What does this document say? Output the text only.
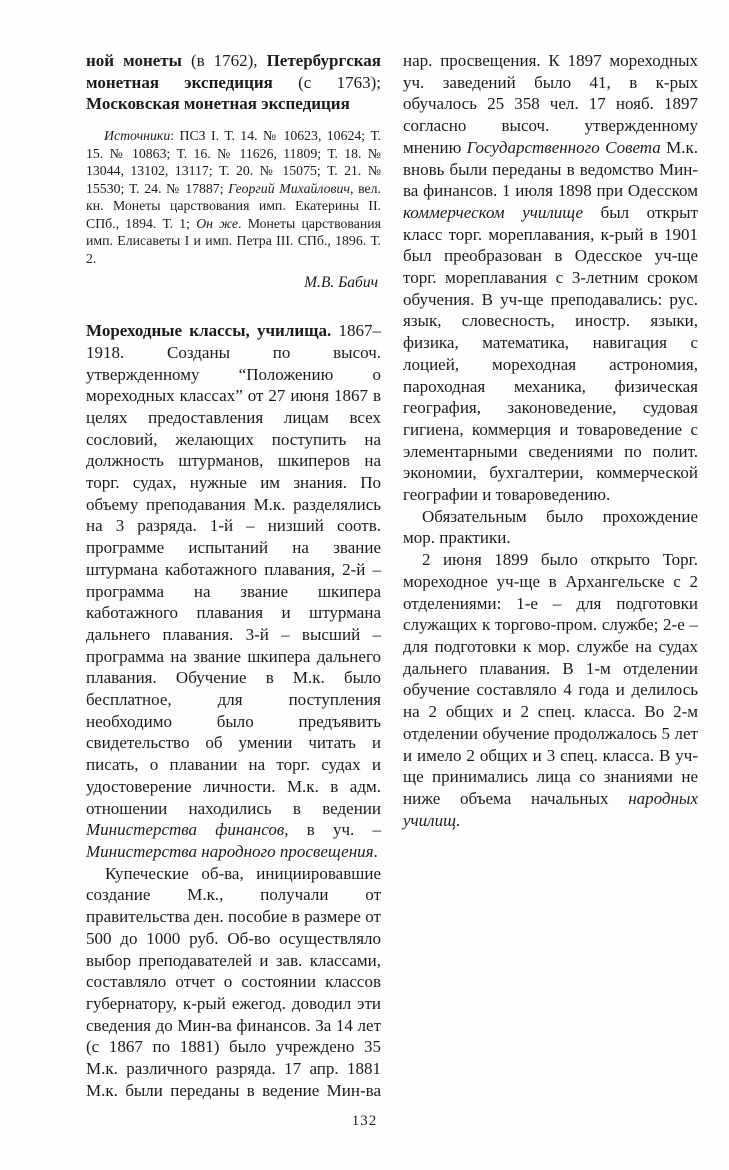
ной монеты (в 1762), Петербургская монетная экспедиция (с 1763); Московская монетная экспедиция

Источники: ПСЗ I. Т. 14. № 10623, 10624; Т. 15. № 10863; Т. 16. № 11626, 11809; Т. 18. № 13044, 13102, 13117; Т. 20. № 15075; Т. 21. № 15530; Т. 24. № 17887; Георгий Михайлович, вел. кн. Монеты царствования имп. Екатерины II. СПб., 1894. Т. 1; Он же. Монеты царствования имп. Елисаветы I и имп. Петра III. СПб., 1896. Т. 2.

М.В. Бабич

Мореходные классы, училища. 1867–1918. Созданы по высоч. утвержденному “Положению о мореходных классах” от 27 июня 1867 в целях предоставления лицам всех сословий, желающих поступить на должность штурманов, шкиперов на торг. судах, нужные им знания. По объему преподавания М.к. разделялись на 3 разряда. 1-й – низший соотв. программе испытаний на звание штурмана каботажного плавания, 2-й – программа на звание шкипера каботажного плавания и штурмана дальнего плавания. 3-й – высший – программа на звание шкипера дальнего плавания. Обучение в М.к. было бесплатное, для поступления необходимо было предъявить свидетельство об умении читать и писать, о плавании на торг. судах и удостоверение личности. М.к. в адм. отношении находились в ведении Министерства финансов, в уч. – Министерства народного просвещения.

Купеческие об-ва, инициировавшие создание М.к., получали от правительства ден. пособие в размере от 500 до 1000 руб. Об-во осуществляло выбор преподавателей и зав. классами, составляло отчет о состоянии классов губернатору, к-рый ежегод. доводил эти сведения до Мин-ва финансов. За 14 лет (с 1867 по 1881) было учреждено 35 М.к. различного разряда. 17 апр. 1881 М.к. были переданы в ведение Мин-ва нар. просвещения. К 1897 мореходных уч. заведений было 41, в к-рых обучалось 25 358 чел. 17 нояб. 1897 согласно высоч. утвержденному мнению Государственного Совета М.к. вновь были переданы в ведомство Мин-ва финансов. 1 июля 1898 при Одесском коммерческом училище был открыт класс торг. мореплавания, к-рый в 1901 был преобразован в Одесское уч-ще торг. мореплавания с 3-летним сроком обучения. В уч-ще преподавались: рус. язык, словесность, иностр. языки, физика, математика, навигация с лоцией, мореходная астрономия, пароходная механика, физическая география, законоведение, судовая гигиена, коммерция и товароведение с элементарными сведениями по полит. экономии, бухгалтерии, коммерческой географии и товароведению.

Обязательным было прохождение мор. практики.

2 июня 1899 было открыто Торг. мореходное уч-ще в Архангельске с 2 отделениями: 1-е – для подготовки служащих к торгово-пром. службе; 2-е – для подготовки к мор. службе на судах дальнего плавания. В 1-м отделении обучение составляло 4 года и делилось на 2 общих и 2 спец. класса. Во 2-м отделении обучение продолжалось 5 лет и имело 2 общих и 3 спец. класса. В уч-ще принимались лица со знаниями не ниже объема начальных народных училищ.

132
